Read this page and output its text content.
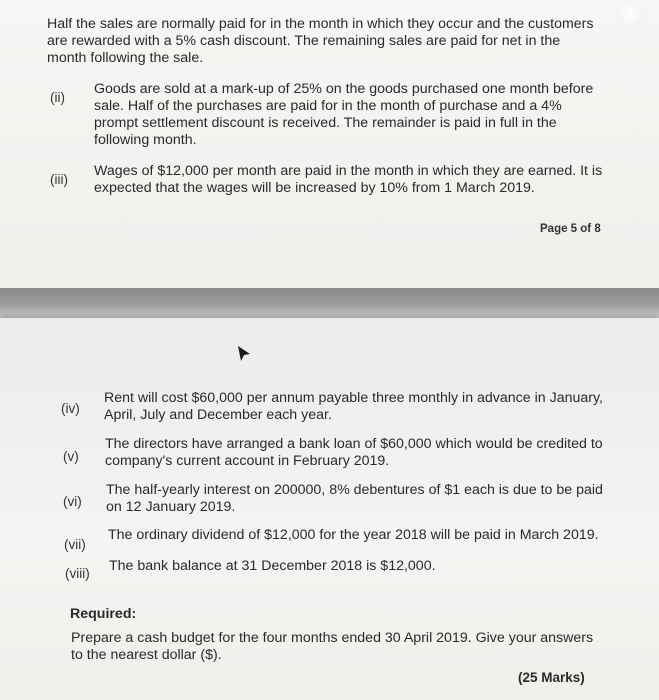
Half the sales are normally paid for in the month in which they occur and the customers are rewarded with a 5% cash discount. The remaining sales are paid for net in the month following the sale.

(ii)

Goods are sold at a mark-up of 25% on the goods purchased one month before sale. Half of the purchases are paid for in the month of purchase and a 4% prompt settlement discount is received. The remainder is paid in full in the following month.

(iii)

Wages of $12,000 per month are paid in the month in which they are earned. It is expected that the wages will be increased by 10% from 1 March 2019.

Page 5 of 8
(iv)

Rent will cost $60,000 per annum payable three monthly in advance in January, April, July and December each year.

(v)

The directors have arranged a bank loan of $60,000 which would be credited to company's current account in February 2019.

(vi)

The half-yearly interest on 200000, 8% debentures of $1 each is due to be paid on 12 January 2019.

(vii)

The ordinary dividend of $12,000 for the year 2018 will be paid in March 2019.

(viii) The bank balance at 31 December 2018 is $12,000.

Required:

Prepare a cash budget for the four months ended 30 April 2019. Give your answers to the nearest dollar ($).

(25 Marks)
